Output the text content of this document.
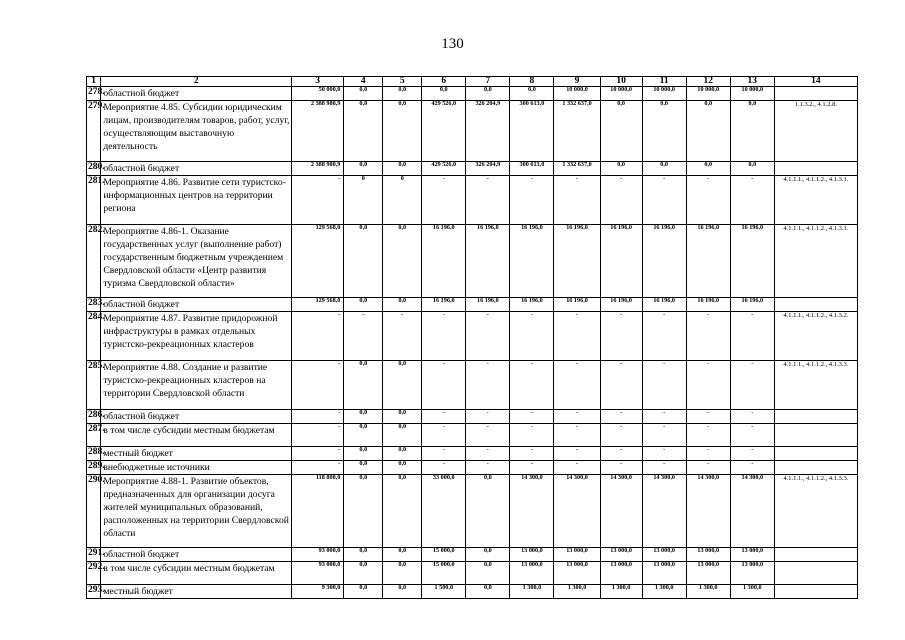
130
1	2	3	4	5	6	7	8	9	10	11	12	13	14
278.	областной бюджет	50 000,0	0,0	0,0	0,0	0,0	0,0	10 000,0	10 000,0	10 000,0	10 000,0	10 000,0	
279.	Мероприятие 4.85. Субсидии юридическим лицам, производителям товаров, работ, услуг, осуществляющим выставочную деятельность	2 388 980,9	0,0	0,0	429 526,0	326 204,9	300 613,0	1 332 637,0	0,0	0,0	0,0	0,0	1.1.3.2., 4.1.2.8.
280.	областной бюджет	2 388 980,9	0,0	0,0	429 526,0	326 204,9	300 613,0	1 332 637,0	0,0	0,0	0,0	0,0	
281.	Мероприятие 4.86. Развитие сети туристско-информационных центров на территории региона	-	0	0	-	-	-	-	-	-	-	-	4.1.1.1., 4.1.1.2., 4.1.3.1.
282.	Мероприятие 4.86-1. Оказание государственных услуг (выполнение работ) государственным бюджетным учреждением Свердловской области «Центр развития туризма Свердловской области»	129 568,0	0,0	0,0	16 196,0	16 196,0	16 196,0	16 196,0	16 196,0	16 196,0	16 196,0	16 196,0	4.1.1.1., 4.1.1.2., 4.1.3.1.
283.	областной бюджет	129 568,0	0,0	0,0	16 196,0	16 196,0	16 196,0	16 196,0	16 196,0	16 196,0	16 196,0	16 196,0	
284.	Мероприятие 4.87. Развитие придорожной инфраструктуры в рамках отдельных туристско-рекреационных кластеров	-	-	-	-	-	-	-	-	-	-	-	4.1.1.1., 4.1.1.2., 4.1.3.2.
285.	Мероприятие 4.88. Создание и развитие туристско-рекреационных кластеров на территории Свердловской области	-	0,0	0,0	-	-	-	-	-	-	-	-	4.1.1.1., 4.1.1.2., 4.1.3.3.
286.	областной бюджет	-	0,0	0,0	-	-	-	-	-	-	-	-	
287.	в том числе субсидии местным бюджетам	-	0,0	0,0	-	-	-	-	-	-	-	-	
288.	местный бюджет	-	0,0	0,0	-	-	-	-	-	-	-	-	
289.	внебюджетные источники	-	0,0	0,0	-	-	-	-	-	-	-	-	
290.	Мероприятие 4.88-1. Развитие объектов, предназначенных для организации досуга жителей муниципальных образований, расположенных на территории Свердловской области	118 800,0	0,0	0,0	33 000,0	0,0	14 300,0	14 300,0	14 300,0	14 300,0	14 300,0	14 300,0	4.1.1.1., 4.1.1.2., 4.1.3.3.
291.	областной бюджет	93 000,0	0,0	0,0	15 000,0	0,0	13 000,0	13 000,0	13 000,0	13 000,0	13 000,0	13 000,0	
292.	в том числе субсидии местным бюджетам	93 000,0	0,0	0,0	15 000,0	0,0	13 000,0	13 000,0	13 000,0	13 000,0	13 000,0	13 000,0	
293.	местный бюджет	9 300,0	0,0	0,0	1 500,0	0,0	1 300,0	1 300,0	1 300,0	1 300,0	1 300,0	1 300,0	
